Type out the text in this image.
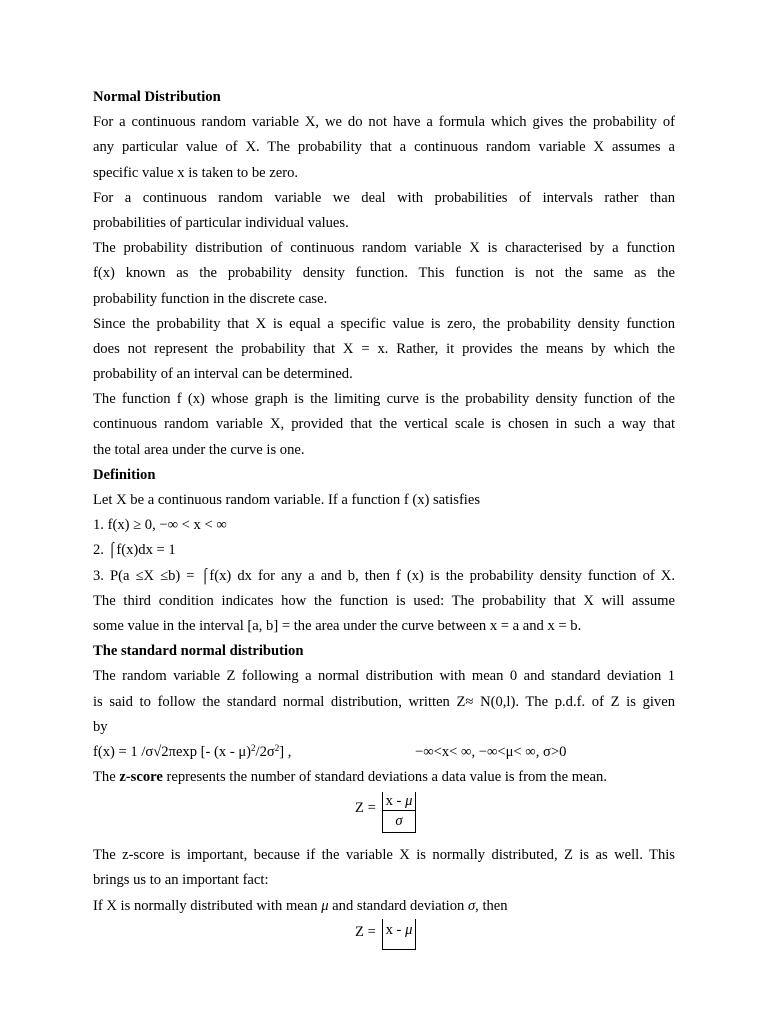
Normal Distribution
For a continuous random variable X, we do not have a formula which gives the probability of
any particular value of X. The probability that a continuous random variable X assumes a
specific value x is taken to be zero.
For a continuous random variable we deal with probabilities of intervals rather than
probabilities of particular individual values.
The probability distribution of continuous random variable X is characterised by a function
f(x) known as the probability density function. This function is not the same as the
probability function in the discrete case.
Since the probability that X is equal a specific value is zero, the probability density function
does not represent the probability that X = x. Rather, it provides the means by which the
probability of an interval can be determined.
The function f (x) whose graph is the limiting curve is the probability density function of the
continuous random variable X, provided that the vertical scale is chosen in such a way that
the total area under the curve is one.
Definition
Let X be a continuous random variable. If a function f (x) satisfies
1. f(x) ≥ 0, −∞ < x < ∞
2. ⌠f(x)dx = 1
3. P(a ≤X ≤b) = ⌠f(x) dx for any a and b, then f (x) is the probability density function of X.
The third condition indicates how the function is used: The probability that X will assume
some value in the interval [a, b] = the area under the curve between x = a and x = b.
The standard normal distribution
The random variable Z following a normal distribution with mean 0 and standard deviation 1
is said to follow the standard normal distribution, written Z≈ N(0,l). The p.d.f. of Z is given
by
f(x) = 1 /σ√2πexp [- $(x - \mu)^2/2\sigma^2$] ,	−∞<x< ∞, −∞<μ< ∞, σ>0
The z-score represents the number of standard deviations a data value is from the mean.
$Z = \frac{x - \mu}{\sigma}$
The z-score is important, because if the variable X is normally distributed, Z is as well. This
brings us to an important fact:
If X is normally distributed with mean μ and standard deviation σ, then
Z = x - μ
